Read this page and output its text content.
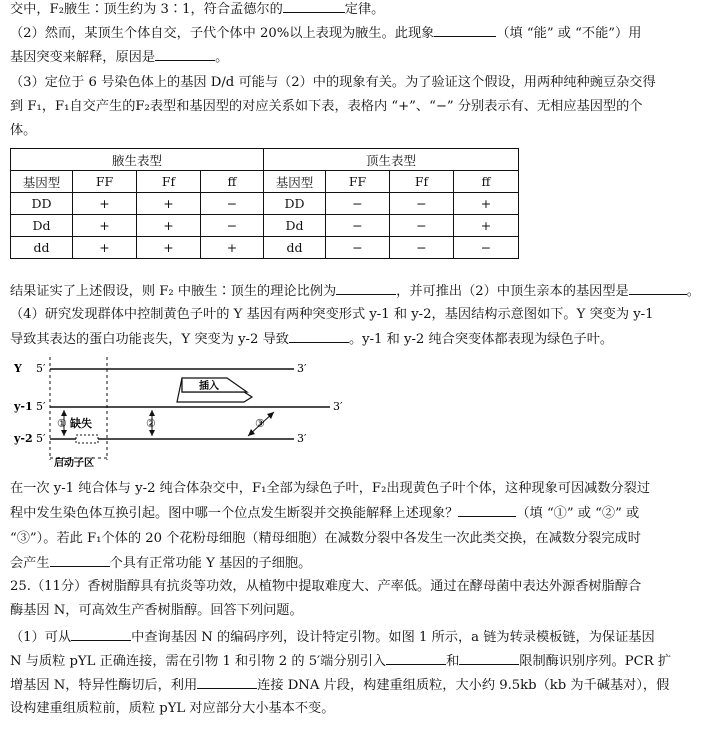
交中，F₂腋生∶顶生约为 3∶1，符合孟德尔的	定律。
（2）然而，某顶生个体自交，子代个体中 20%以上表现为腋生。此现象	（填 “能” 或 “不能”）用
基因突变来解释，原因是	。
（3）定位于 6 号染色体上的基因 D/d 可能与（2）中的现象有关。为了验证这个假设，用两种纯种豌豆杂交得
到 F₁，F₁自交产生的F₂表型和基因型的对应关系如下表，表格内 “+”、“−” 分别表示有、无相应基因型的个
体。
结果证实了上述假设，则 F₂ 中腋生∶顶生的理论比例为	，并可推出（2）中顶生亲本的基因型是	。
（4）研究发现群体中控制黄色子叶的 Y 基因有两种突变形式 y-1 和 y-2，基因结构示意图如下。Y 突变为 y-1
导致其表达的蛋白功能丧失，Y 突变为 y-2 导致	。y-1 和 y-2 纯合突变体都表现为绿色子叶。
在一次 y-1 纯合体与 y-2 纯合体杂交中，F₁全部为绿色子叶，F₂出现黄色子叶个体，这种现象可因减数分裂过
程中发生染色体互换引起。图中哪一个位点发生断裂并交换能解释上述现象？	（填 “①” 或 “②” 或
“③”）。若此 F₁个体的 20 个花粉母细胞（精母细胞）在减数分裂中各发生一次此类交换，在减数分裂完成时
会产生	个具有正常功能 Y 基因的子细胞。
25.（11分）香树脂醇具有抗炎等功效，从植物中提取难度大、产率低。通过在酵母菌中表达外源香树脂醇合
酶基因 N，可高效生产香树脂醇。回答下列问题。
（1）可从	中查询基因 N 的编码序列，设计特定引物。如图 1 所示，a 链为转录模板链，为保证基因
N 与质粒 pYL 正确连接，需在引物 1 和引物 2 的 5′端分别引入	和	限制酶识别序列。PCR 扩
增基因 N，特异性酶切后，利用	连接 DNA 片段，构建重组质粒，大小约 9.5kb（kb 为千碱基对），假
设构建重组质粒前，质粒 pYL 对应部分大小基本不变。
腋生表型				顶生表型			
基因型	FF	Ff	ff	基因型	FF	Ff	ff
DD	+	+	−	DD	−	−	+
Dd	+	+	−	Dd	−	−	+
dd	+	+	+	dd	−	−	−
Y
y-1
y-2
5′
5′
5′
3′
3′
3′
插入
① 缺失	②	③
启动子区
